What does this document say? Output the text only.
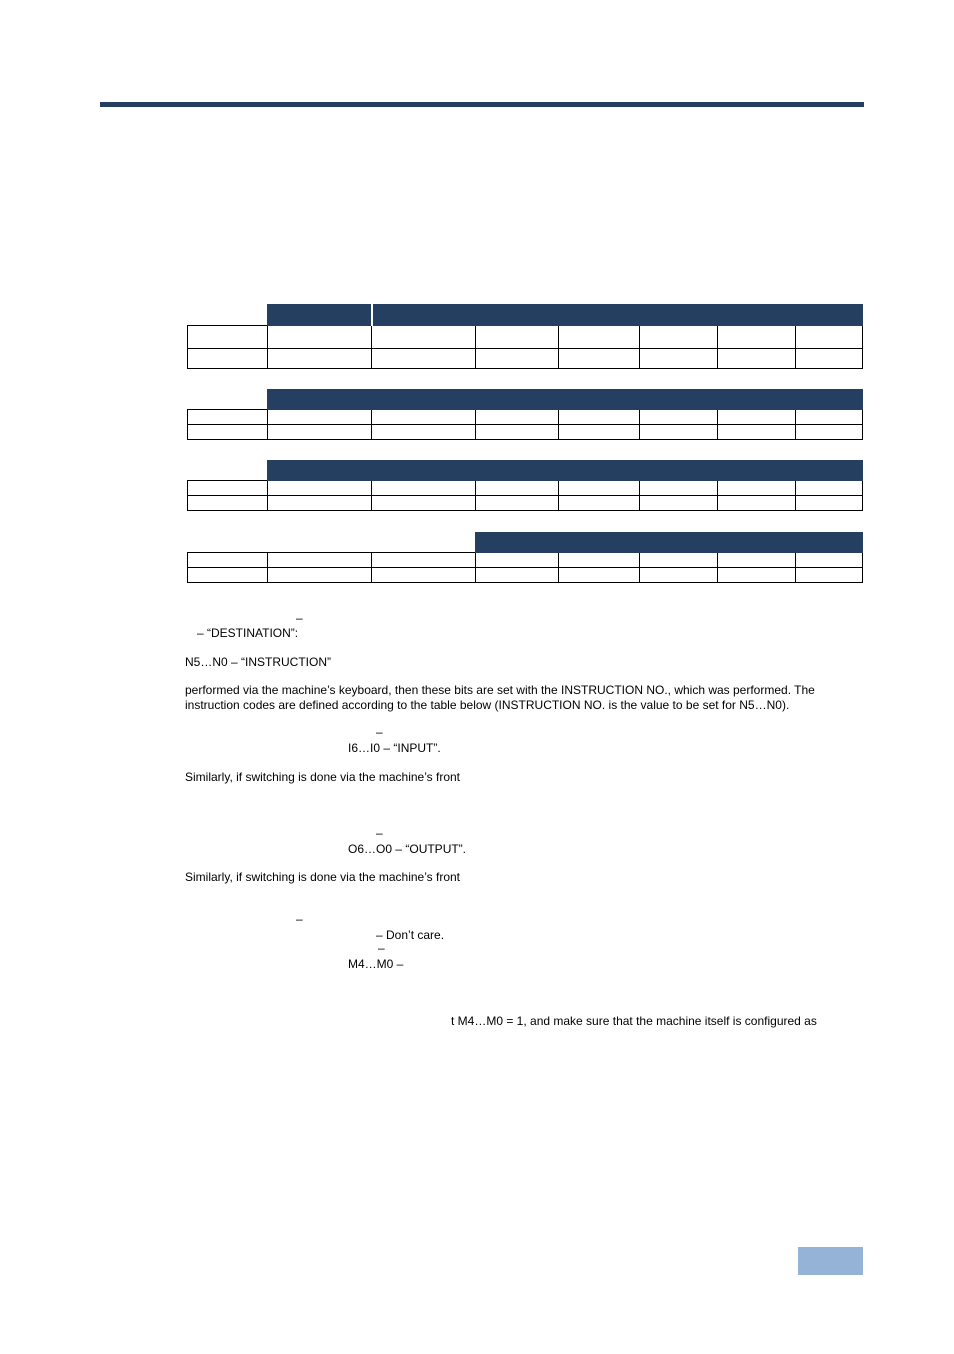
–
– “DESTINATION”:
N5…N0 – “INSTRUCTION”
performed via the machine’s keyboard, then these bits are set with the INSTRUCTION NO., which was performed. The
instruction codes are defined according to the table below (INSTRUCTION NO. is the value to be set for N5…N0).
–
I6…I0 – “INPUT”.
Similarly, if switching is done via the machine’s front
–
O6…O0 – “OUTPUT”.
Similarly, if switching is done via the machine’s front
–
– Don’t care.
–
M4…M0 –
t M4…M0 = 1, and make sure that the machine itself is configured as
